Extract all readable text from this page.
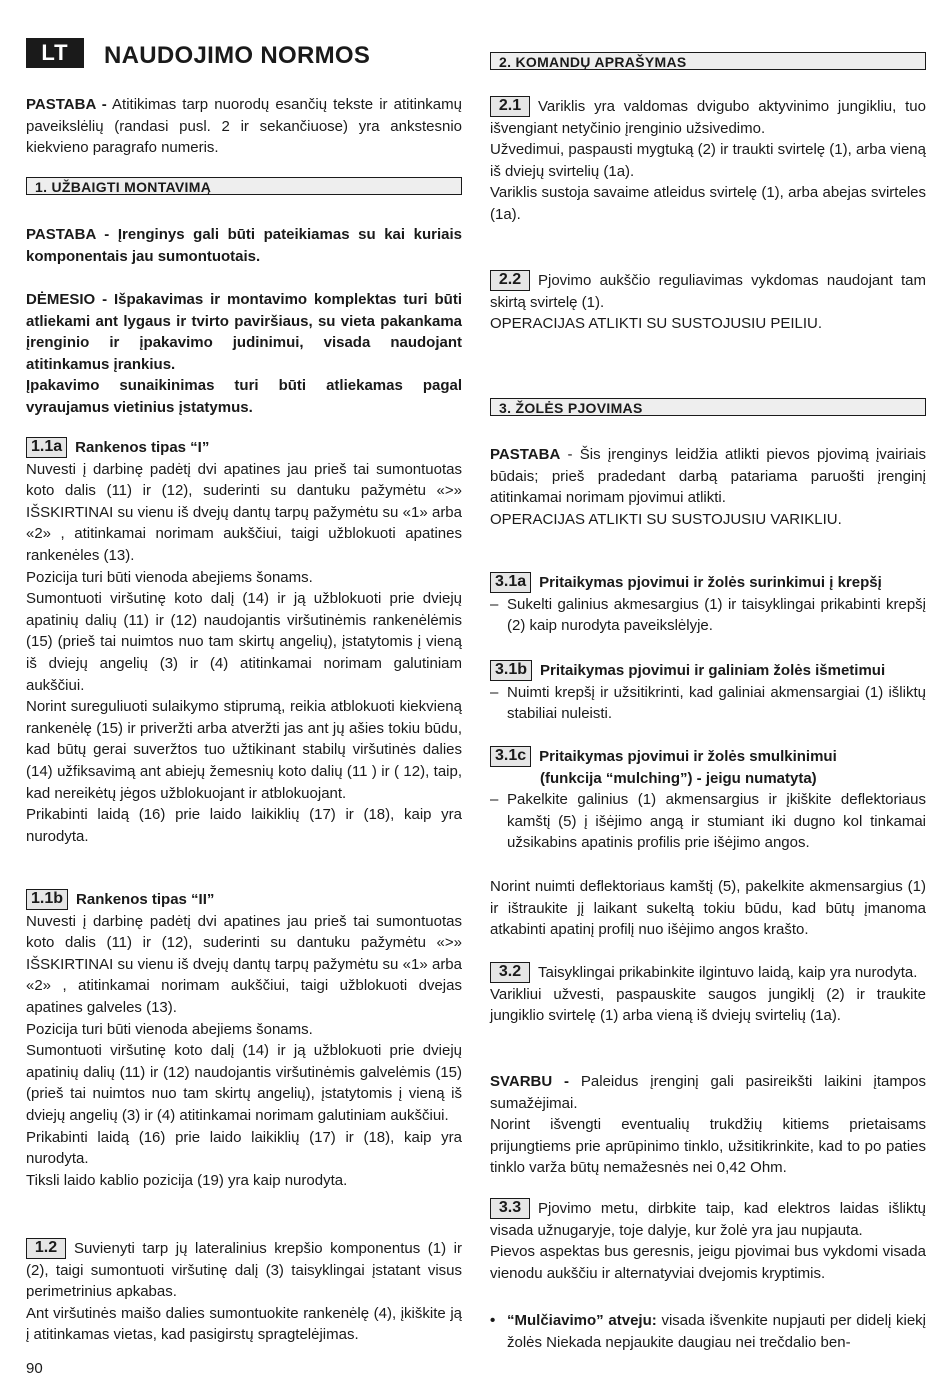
LT	NAUDOJIMO NORMOS

PASTABA - Atitikimas tarp nuorodų esančių tekste ir atitinkamų paveikslėlių (randasi pusl. 2 ir sekančiuose) yra ankstesnio kiekvieno paragrafo numeris.

1. UŽBAIGTI MONTAVIMĄ

PASTABA - Įrenginys gali būti pateikiamas su kai kuriais komponentais jau sumontuotais.

DĖMESIO - Išpakavimas ir montavimo komplektas turi būti atliekami ant lygaus ir tvirto paviršiaus, su vieta pakankama įrenginio ir įpakavimo judinimui, visada naudojant atitinkamus įrankius.

Įpakavimo sunaikinimas turi būti atliekamas pagal vyraujamus vietinius įstatymus.

1.1a Rankenos tipas “I”
Nuvesti į darbinę padėtį dvi apatines jau prieš tai sumontuotas koto dalis (11) ir (12), suderinti su dantuku pažymėtu «>» IŠSKIRTINAI su vienu iš dvejų dantų tarpų pažymėtu su «1» arba «2» , atitinkamai norimam aukščiui, taigi užblokuoti apatines rankenėles (13).
Pozicija turi būti vienoda abejiems šonams.
Sumontuoti viršutinę koto dalį (14) ir ją užblokuoti prie dviejų apatinių dalių (11) ir (12) naudojantis viršutinėmis rankenėlėmis (15) (prieš tai nuimtos nuo tam skirtų angelių), įstatytomis į vieną iš dviejų angelių (3) ir (4) atitinkamai norimam galutiniam aukščiui.
Norint sureguliuoti sulaikymo stiprumą, reikia atblokuoti kiekvieną rankenėlę (15) ir priveržti arba atveržti jas ant jų ašies tokiu būdu, kad būtų gerai suveržtos tuo užtikinant stabilų viršutinės dalies (14) užfiksavimą ant abiejų žemesnių koto dalių (11 ) ir ( 12), taip, kad nereikėtų jėgos užblokuojant ir atblokuojant.
Prikabinti laidą (16) prie laido laikiklių (17) ir (18), kaip yra nurodyta.
1.1b Rankenos tipas “II”
Nuvesti į darbinę padėtį dvi apatines jau prieš tai sumontuotas koto dalis (11) ir (12), suderinti su dantuku pažymėtu «>» IŠSKIRTINAI su vienu iš dvejų dantų tarpų pažymėtu su «1» arba «2» , atitinkamai norimam aukščiui, taigi užblokuoti dvejas apatines galveles (13).
Pozicija turi būti vienoda abejiems šonams.
Sumontuoti viršutinę koto dalį (14) ir ją užblokuoti prie dviejų apatinių dalių (11) ir (12) naudojantis viršutinėmis galvelėmis (15) (prieš tai nuimtos nuo tam skirtų angelių), įstatytomis į vieną iš dviejų angelių (3) ir (4) atitinkamai norimam galutiniam aukščiui.
Prikabinti laidą (16) prie laido laikiklių (17) ir (18), kaip yra nurodyta.
Tiksli laido kablio pozicija (19) yra kaip nurodyta.
1.2 Suvienyti tarp jų lateralinius krepšio komponentus (1) ir (2), taigi sumontuoti viršutinę dalį (3) taisyklingai įstatant visus perimetrinius apkabas.
Ant viršutinės maišo dalies sumontuokite rankenėlę (4), įkiškite ją į atitinkamas vietas, kad pasigirstų spragtelėjimas.
90
2. KOMANDŲ APRAŠYMAS
2.1 Variklis yra valdomas dvigubo aktyvinimo jungikliu, tuo išvengiant netyčinio įrenginio užsivedimo.
Užvedimui, paspausti mygtuką (2) ir traukti svirtelę (1), arba vieną iš dviejų svirtelių (1a).
Variklis sustoja savaime atleidus svirtelę (1), arba abejas svirteles (1a).
2.2 Pjovimo aukščio reguliavimas vykdomas naudojant tam skirtą svirtelę (1).
OPERACIJAS ATLIKTI SU SUSTOJUSIU PEILIU.
3. ŽOLĖS PJOVIMAS
PASTABA - Šis įrenginys leidžia atlikti pievos pjovimą įvairiais būdais; prieš pradedant darbą patariama paruošti įrenginį atitinkamai norimam pjovimui atlikti.
OPERACIJAS ATLIKTI SU SUSTOJUSIU VARIKLIU.
3.1a Pritaikymas pjovimui ir žolės surinkimui į krepšį
– Sukelti galinius akmesargius (1) ir taisyklingai prikabinti krepšį (2) kaip nurodyta paveikslėlyje.
3.1b Pritaikymas pjovimui ir galiniam žolės išmetimui
– Nuimti krepšį ir užsitikrinti, kad galiniai akmensargiai (1) išliktų stabiliai nuleisti.
3.1c Pritaikymas pjovimui ir žolės smulkinimui
(funkcija “mulching”) - jeigu numatyta)
– Pakelkite galinius (1) akmensargius ir įkiškite deflektoriaus kamštį (5) į išėjimo angą ir stumiant iki dugno kol tinkamai užsikabins apatinis profilis prie išėjimo angos.

Norint nuimti deflektoriaus kamštį (5), pakelkite akmensargius (1) ir ištraukite jį laikant sukeltą tokiu būdu, kad būtų įmanoma atkabinti apatinį profilį nuo išėjimo angos krašto.

3.2 Taisyklingai prikabinkite ilgintuvo laidą, kaip yra nurodyta.
Varikliui užvesti, paspauskite saugos jungiklį (2) ir traukite jungiklio svirtelę (1) arba vieną iš dviejų svirtelių (1a).
SVARBU - Paleidus įrenginį gali pasireikšti laikini įtampos sumažėjimai.
Norint išvengti eventualių trukdžių kitiems prietaisams prijungtiems prie aprūpinimo tinklo, užsitikrinkite, kad to po paties tinklo varža būtų nemažesnės nei 0,42 Ohm.
3.3 Pjovimo metu, dirbkite taip, kad elektros laidas išliktų visada užnugaryje, toje dalyje, kur žolė yra jau nupjauta.
Pievos aspektas bus geresnis, jeigu pjovimai bus vykdomi visada vienodu aukščiu ir alternatyviai dvejomis kryptimis.
• “Mulčiavimo” atveju: visada išvenkite nupjauti per didelį kiekį žolės Niekada nepjaukite daugiau nei trečdalio ben-
